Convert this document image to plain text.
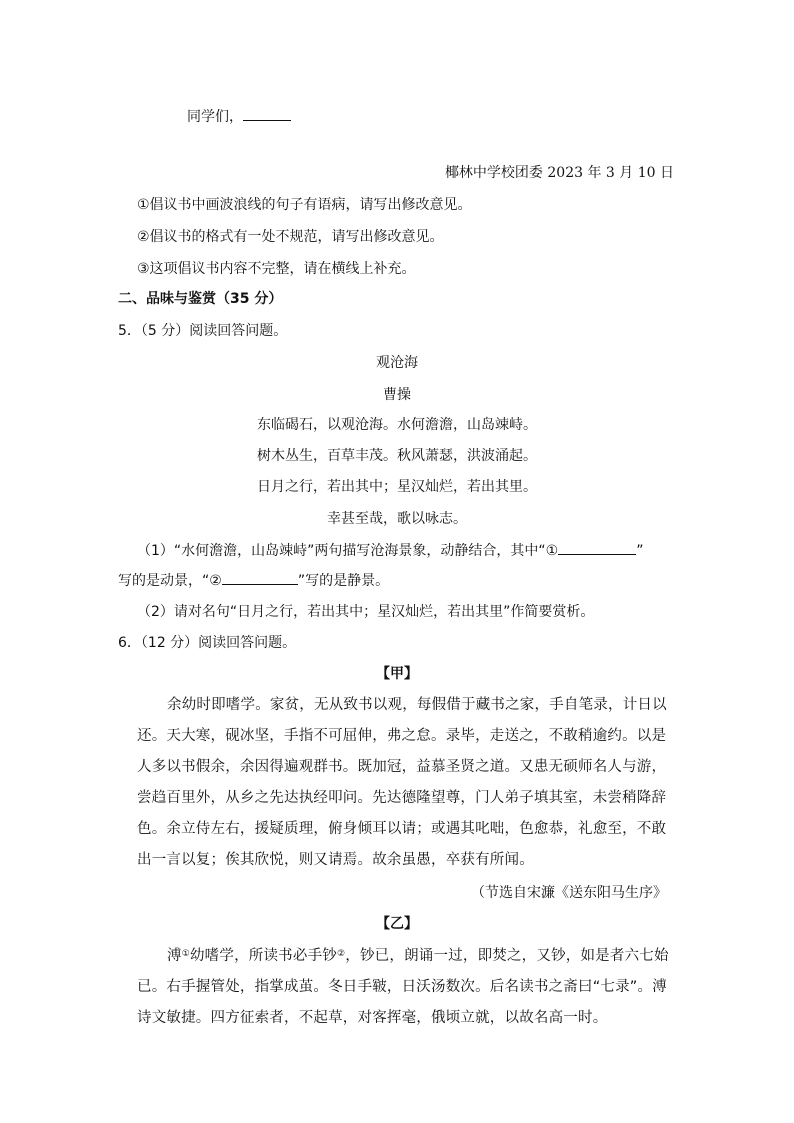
同学们，
椰林中学校团委 2023 年 3 月 10 日
①倡议书中画波浪线的句子有语病，请写出修改意见。
②倡议书的格式有一处不规范，请写出修改意见。
③这项倡议书内容不完整，请在横线上补充。
二、品味与鉴赏（35 分）
5．（5 分）阅读回答问题。
观沧海
曹操
东临碣石，以观沧海。水何澹澹，山岛竦峙。
树木丛生，百草丰茂。秋风萧瑟，洪波涌起。
日月之行，若出其中；星汉灿烂，若出其里。
幸甚至哉，歌以咏志。
（1）“水何澹澹，山岛竦峙”两句描写沧海景象，动静结合，其中“①	”
写的是动景，“②	”写的是静景。
（2）请对名句“日月之行，若出其中；星汉灿烂，若出其里”作简要赏析。
6．（12 分）阅读回答问题。
【甲】
余幼时即嗜学。家贫，无从致书以观，每假借于藏书之家，手自笔录，计日以还。天大寒，砚冰坚，手指不可屈伸，弗之怠。录毕，走送之，不敢稍逾约。以是人多以书假余，余因得遍观群书。既加冠，益慕圣贤之道。又患无硕师名人与游，尝趋百里外，从乡之先达执经叩问。先达德隆望尊，门人弟子填其室，未尝稍降辞色。余立侍左右，援疑质理，俯身倾耳以请；或遇其叱咄，色愈恭，礼愈至，不敢出一言以复；俟其欣悦，则又请焉。故余虽愚，卒获有所闻。
（节选自宋濂《送东阳马生序》
【乙】
溥①幼嗜学，所读书必手钞②，钞已，朗诵一过，即焚之，又钞，如是者六七始已。右手握管处，指掌成茧。冬日手皲，日沃汤数次。后名读书之斋曰“七录”。溥诗文敏捷。四方征索者，不起草，对客挥毫，俄顷立就，以故名高一时。
